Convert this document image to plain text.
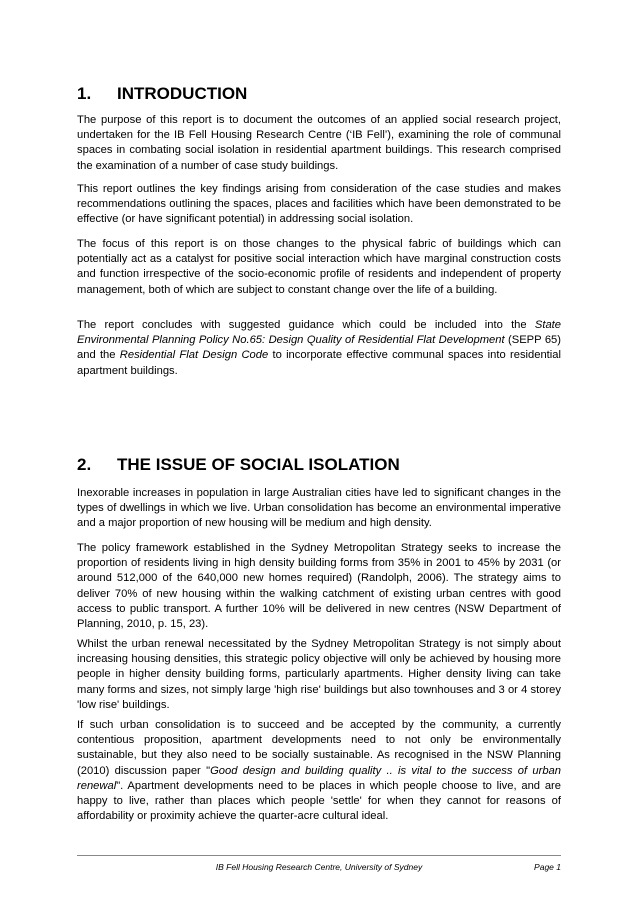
1. INTRODUCTION

The purpose of this report is to document the outcomes of an applied social research project, undertaken for the IB Fell Housing Research Centre (‘IB Fell’), examining the role of communal spaces in combating social isolation in residential apartment buildings. This research comprised the examination of a number of case study buildings.

This report outlines the key findings arising from consideration of the case studies and makes recommendations outlining the spaces, places and facilities which have been demonstrated to be effective (or have significant potential) in addressing social isolation.

The focus of this report is on those changes to the physical fabric of buildings which can potentially act as a catalyst for positive social interaction which have marginal construction costs and function irrespective of the socio-economic profile of residents and independent of property management, both of which are subject to constant change over the life of a building.

The report concludes with suggested guidance which could be included into the State Environmental Planning Policy No.65: Design Quality of Residential Flat Development (SEPP 65) and the Residential Flat Design Code to incorporate effective communal spaces into residential apartment buildings.

2. THE ISSUE OF SOCIAL ISOLATION

Inexorable increases in population in large Australian cities have led to significant changes in the types of dwellings in which we live. Urban consolidation has become an environmental imperative and a major proportion of new housing will be medium and high density.

The policy framework established in the Sydney Metropolitan Strategy seeks to increase the proportion of residents living in high density building forms from 35% in 2001 to 45% by 2031 (or around 512,000 of the 640,000 new homes required) (Randolph, 2006). The strategy aims to deliver 70% of new housing within the walking catchment of existing urban centres with good access to public transport. A further 10% will be delivered in new centres (NSW Department of Planning, 2010, p. 15, 23).

Whilst the urban renewal necessitated by the Sydney Metropolitan Strategy is not simply about increasing housing densities, this strategic policy objective will only be achieved by housing more people in higher density building forms, particularly apartments. Higher density living can take many forms and sizes, not simply large 'high rise' buildings but also townhouses and 3 or 4 storey 'low rise' buildings.

If such urban consolidation is to succeed and be accepted by the community, a currently contentious proposition, apartment developments need to not only be environmentally sustainable, but they also need to be socially sustainable. As recognised in the NSW Planning (2010) discussion paper "Good design and building quality .. is vital to the success of urban renewal". Apartment developments need to be places in which people choose to live, and are happy to live, rather than places which people 'settle' for when they cannot for reasons of affordability or proximity achieve the quarter-acre cultural ideal.

IB Fell Housing Research Centre, University of Sydney	Page 1
